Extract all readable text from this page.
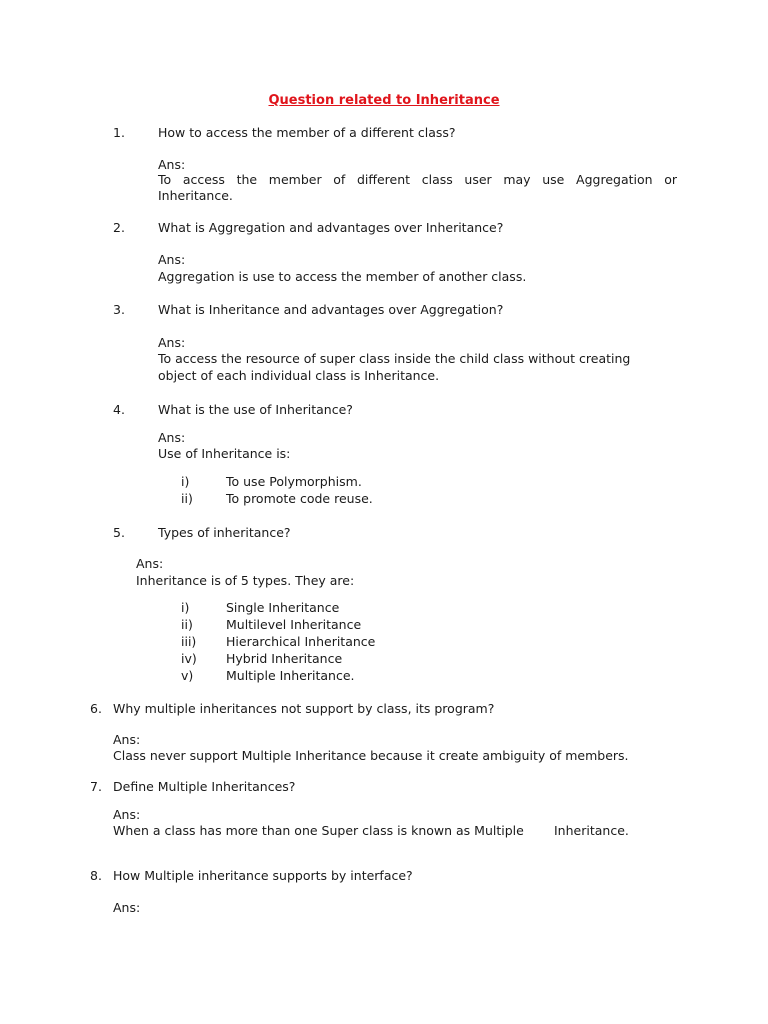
Question related to Inheritance
1.	How to access the member of a different class?
Ans:
To access the member of different class user may use Aggregation or
Inheritance.
2.	What is Aggregation and advantages over Inheritance?
Ans:
Aggregation is use to access the member of another class.
3.	What is Inheritance and advantages over Aggregation?
Ans:
To access the resource of super class inside the child class without creating
object of each individual class is Inheritance.
4.	What is the use of Inheritance?
Ans:
Use of Inheritance is:
i)	To use Polymorphism.
ii)	To promote code reuse.
5.	Types of inheritance?
Ans:
Inheritance is of 5 types. They are:
i)	Single Inheritance
ii)	Multilevel Inheritance
iii) Hierarchical Inheritance
iv) Hybrid Inheritance
v)	Multiple Inheritance.
6. Why multiple inheritances not support by class, its program?
Ans:
Class never support Multiple Inheritance because it create ambiguity of members.
7. Define Multiple Inheritances?
Ans:
When a class has more than one Super class is known as Multiple Inheritance.
8. How Multiple inheritance supports by interface?
Ans:
